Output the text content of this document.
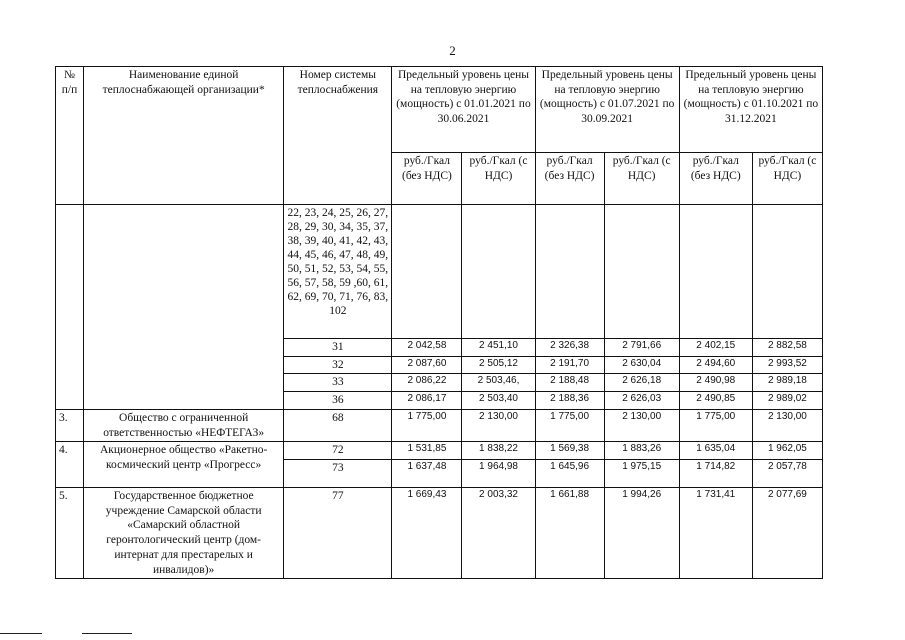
2
№ п/п	Наименование единой теплоснабжающей организации*	Номер системы теплоснабжения	Предельный уровень цены на тепловую энергию (мощность) с 01.01.2021 по 30.06.2021		Предельный уровень цены на тепловую энергию (мощность) с 01.07.2021 по 30.09.2021		Предельный уровень цены на тепловую энергию (мощность) с 01.10.2021 по 31.12.2021	
			руб./Гкал (без НДС)	руб./Гкал (с НДС)	руб./Гкал (без НДС)	руб./Гкал (с НДС)	руб./Гкал (без НДС)	руб./Гкал (с НДС)
		22, 23, 24, 25, 26, 27, 28, 29, 30, 34, 35, 37, 38, 39, 40, 41, 42, 43, 44, 45, 46, 47, 48, 49, 50, 51, 52, 53, 54, 55, 56, 57, 58, 59 ,60, 61, 62, 69, 70, 71, 76, 83, 102						
		31	2 042,58	2 451,10	2 326,38	2 791,66	2 402,15	2 882,58
		32	2 087,60	2 505,12	2 191,70	2 630,04	2 494,60	2 993,52
		33	2 086,22	2 503,46,	2 188,48	2 626,18	2 490,98	2 989,18
		36	2 086,17	2 503,40	2 188,36	2 626,03	2 490,85	2 989,02
3.	Общество с ограниченной ответственностью «НЕФТЕГАЗ»	68	1 775,00	2 130,00	1 775,00	2 130,00	1 775,00	2 130,00
4.	Акционерное общество «Ракетно-космический центр «Прогресс»	72	1 531,85	1 838,22	1 569,38	1 883,26	1 635,04	1 962,05
		73	1 637,48	1 964,98	1 645,96	1 975,15	1 714,82	2 057,78
5.	Государственное бюджетное учреждение Самарской области «Самарский областной геронтологический центр (дом-интернат для престарелых и инвалидов)»	77	1 669,43	2 003,32	1 661,88	1 994,26	1 731,41	2 077,69
